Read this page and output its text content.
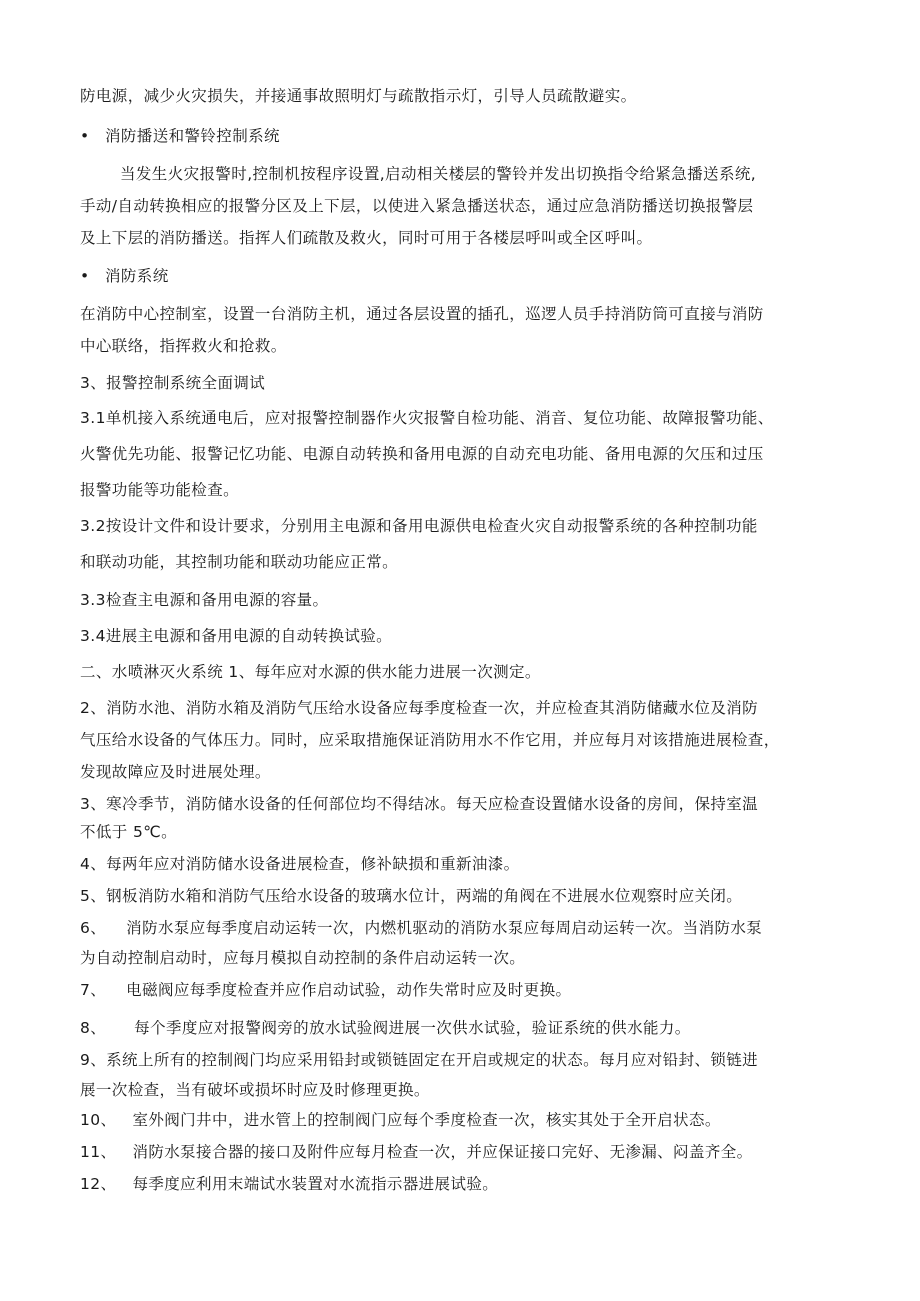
防电源，减少火灾损失，并接通事故照明灯与疏散指示灯，引导人员疏散避实。

• 消防播送和警铃控制系统

当发生火灾报警时,控制机按程序设置,启动相关楼层的警铃并发出切换指令给紧急播送系统,

手动/自动转换相应的报警分区及上下层，以使进入紧急播送状态，通过应急消防播送切换报警层

及上下层的消防播送。指挥人们疏散及救火，同时可用于各楼层呼叫或全区呼叫。

• 消防系统

在消防中心控制室，设置一台消防主机，通过各层设置的插孔，巡逻人员手持消防筒可直接与消防

中心联络，指挥救火和抢救。

3、报警控制系统全面调试

3.1单机接入系统通电后，应对报警控制器作火灾报警自检功能、消音、复位功能、故障报警功能、

火警优先功能、报警记忆功能、电源自动转换和备用电源的自动充电功能、备用电源的欠压和过压

报警功能等功能检查。

3.2按设计文件和设计要求，分别用主电源和备用电源供电检查火灾自动报警系统的各种控制功能

和联动功能，其控制功能和联动功能应正常。

3.3检查主电源和备用电源的容量。

3.4进展主电源和备用电源的自动转换试验。

二、水喷淋灭火系统 1、每年应对水源的供水能力进展一次测定。

2、消防水池、消防水箱及消防气压给水设备应每季度检查一次，并应检查其消防储藏水位及消防

气压给水设备的气体压力。同时，应采取措施保证消防用水不作它用，并应每月对该措施进展检查，

发现故障应及时进展处理。

3、寒冷季节，消防储水设备的任何部位均不得结冰。每天应检查设置储水设备的房间，保持室温

不低于 5℃。

4、每两年应对消防储水设备进展检查，修补缺损和重新油漆。

5、钢板消防水箱和消防气压给水设备的玻璃水位计，两端的角阀在不进展水位观察时应关闭。

6、 消防水泵应每季度启动运转一次，内燃机驱动的消防水泵应每周启动运转一次。当消防水泵

为自动控制启动时，应每月模拟自动控制的条件启动运转一次。

7、 电磁阀应每季度检查并应作启动试验，动作失常时应及时更换。

8、 每个季度应对报警阀旁的放水试验阀进展一次供水试验，验证系统的供水能力。

9、系统上所有的控制阀门均应采用铅封或锁链固定在开启或规定的状态。每月应对铅封、锁链进

展一次检查，当有破坏或损坏时应及时修理更换。

10、 室外阀门井中，进水管上的控制阀门应每个季度检查一次，核实其处于全开启状态。

11、 消防水泵接合器的接口及附件应每月检查一次，并应保证接口完好、无渗漏、闷盖齐全。

12、 每季度应利用末端试水装置对水流指示器进展试验。
